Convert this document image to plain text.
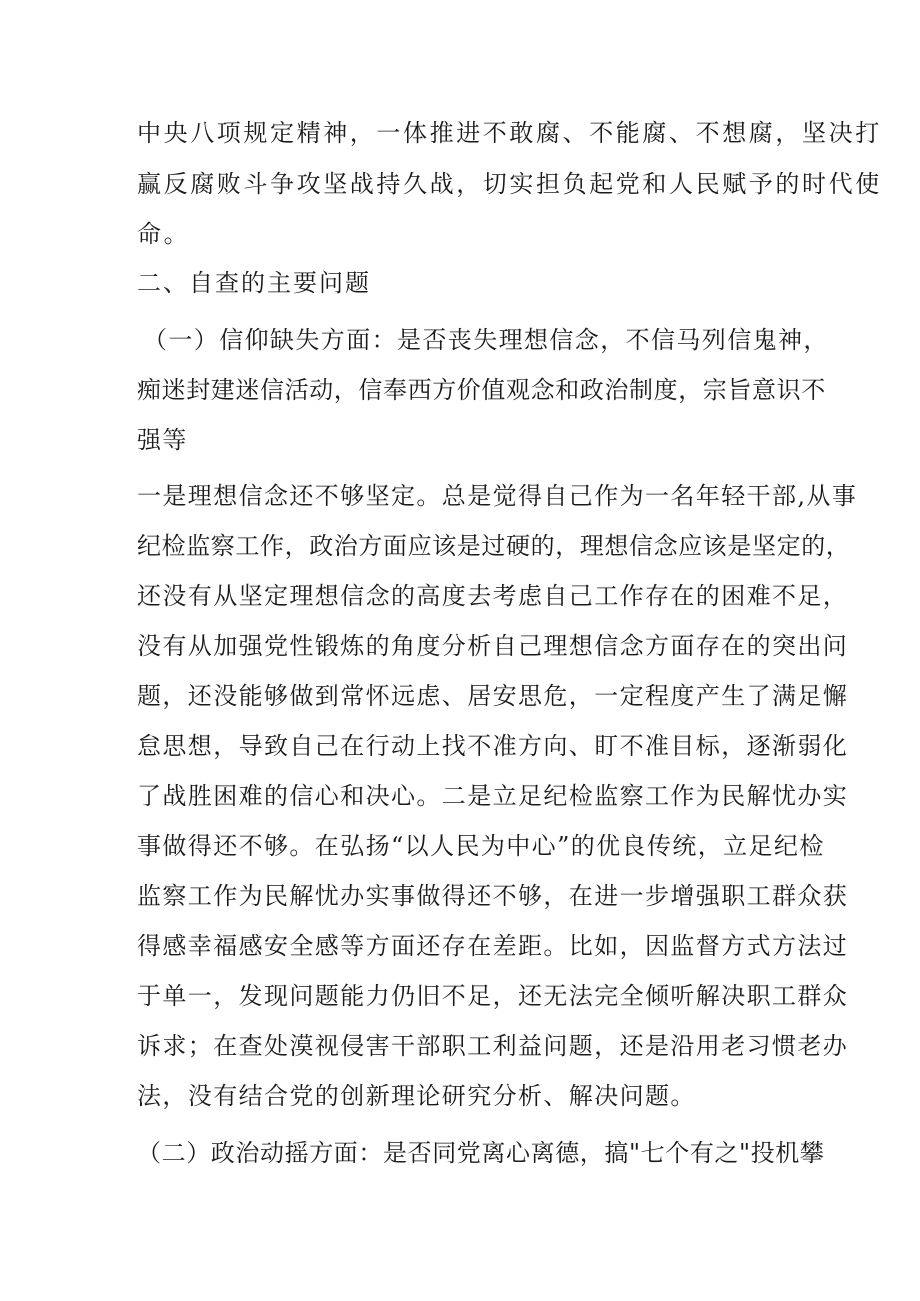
中央八项规定精神，一体推进不敢腐、不能腐、不想腐，坚决打
赢反腐败斗争攻坚战持久战，切实担负起党和人民赋予的时代使
命。
二、自查的主要问题
（一）信仰缺失方面：是否丧失理想信念，不信马列信鬼神，
痴迷封建迷信活动，信奉西方价值观念和政治制度，宗旨意识不
强等
一是理想信念还不够坚定。总是觉得自己作为一名年轻干部,从事
纪检监察工作，政治方面应该是过硬的，理想信念应该是坚定的，
还没有从坚定理想信念的高度去考虑自己工作存在的困难不足，
没有从加强党性锻炼的角度分析自己理想信念方面存在的突出问
题，还没能够做到常怀远虑、居安思危，一定程度产生了满足懈
怠思想，导致自己在行动上找不准方向、盯不准目标，逐渐弱化
了战胜困难的信心和决心。二是立足纪检监察工作为民解忧办实
事做得还不够。在弘扬“以人民为中心”的优良传统，立足纪检
监察工作为民解忧办实事做得还不够，在进一步增强职工群众获
得感幸福感安全感等方面还存在差距。比如，因监督方式方法过
于单一，发现问题能力仍旧不足，还无法完全倾听解决职工群众
诉求；在查处漠视侵害干部职工利益问题，还是沿用老习惯老办
法，没有结合党的创新理论研究分析、解决问题。
（二）政治动摇方面：是否同党离心离德，搞"七个有之"投机攀
